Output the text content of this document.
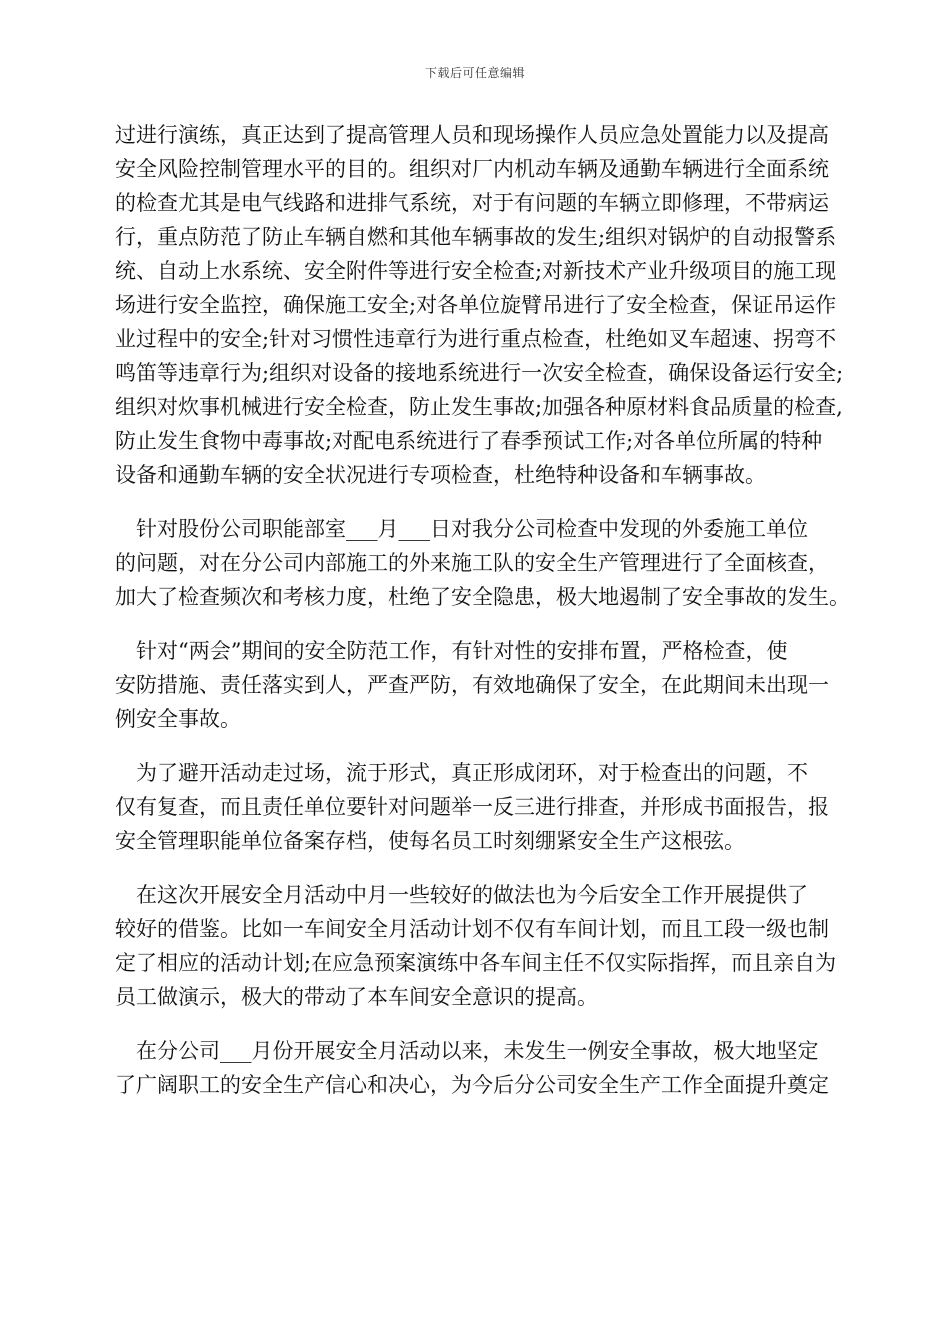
下载后可任意编辑
过进行演练，真正达到了提高管理人员和现场操作人员应急处置能力以及提高
安全风险控制管理水平的目的。组织对厂内机动车辆及通勤车辆进行全面系统
的检查尤其是电气线路和进排气系统，对于有问题的车辆立即修理，不带病运
行，重点防范了防止车辆自燃和其他车辆事故的发生;组织对锅炉的自动报警系
统、自动上水系统、安全附件等进行安全检查;对新技术产业升级项目的施工现
场进行安全监控，确保施工安全;对各单位旋臂吊进行了安全检查，保证吊运作
业过程中的安全;针对习惯性违章行为进行重点检查，杜绝如叉车超速、拐弯不
鸣笛等违章行为;组织对设备的接地系统进行一次安全检查，确保设备运行安全;
组织对炊事机械进行安全检查，防止发生事故;加强各种原材料食品质量的检查,
防止发生食物中毒事故;对配电系统进行了春季预试工作;对各单位所属的特种
设备和通勤车辆的安全状况进行专项检查，杜绝特种设备和车辆事故。
针对股份公司职能部室___月___日对我分公司检查中发现的外委施工单位
的问题，对在分公司内部施工的外来施工队的安全生产管理进行了全面核查，
加大了检查频次和考核力度，杜绝了安全隐患，极大地遏制了安全事故的发生。
针对“两会”期间的安全防范工作，有针对性的安排布置，严格检查，使
安防措施、责任落实到人，严查严防，有效地确保了安全，在此期间未出现一
例安全事故。
为了避开活动走过场，流于形式，真正形成闭环，对于检查出的问题，不
仅有复查，而且责任单位要针对问题举一反三进行排查，并形成书面报告，报
安全管理职能单位备案存档，使每名员工时刻绷紧安全生产这根弦。
在这次开展安全月活动中月一些较好的做法也为今后安全工作开展提供了
较好的借鉴。比如一车间安全月活动计划不仅有车间计划，而且工段一级也制
定了相应的活动计划;在应急预案演练中各车间主任不仅实际指挥，而且亲自为
员工做演示，极大的带动了本车间安全意识的提高。
在分公司___月份开展安全月活动以来，未发生一例安全事故，极大地坚定
了广阔职工的安全生产信心和决心，为今后分公司安全生产工作全面提升奠定
